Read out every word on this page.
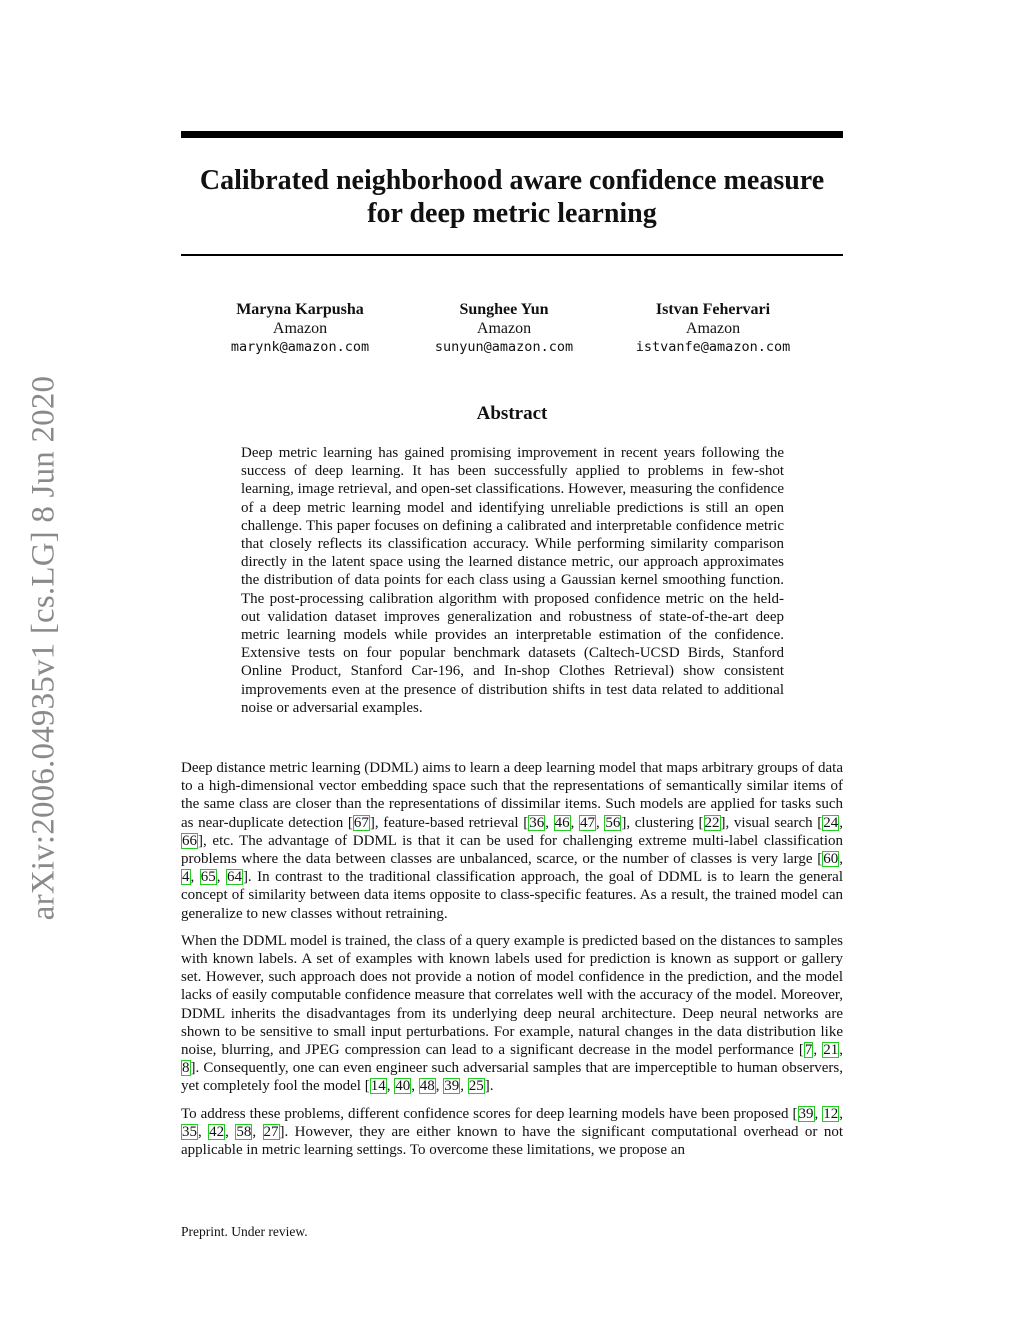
arXiv:2006.04935v1 [cs.LG] 8 Jun 2020
Calibrated neighborhood aware confidence measure
for deep metric learning
Maryna Karpusha
Amazon
marynk@amazon.com
Sunghee Yun
Amazon
sunyun@amazon.com
Istvan Fehervari
Amazon
istvanfe@amazon.com
Abstract

Deep metric learning has gained promising improvement in recent years following the success of deep learning. It has been successfully applied to problems in few-shot learning, image retrieval, and open-set classifications. However, measuring the confidence of a deep metric learning model and identifying unreliable predictions is still an open challenge. This paper focuses on defining a calibrated and interpretable confidence metric that closely reflects its classification accuracy. While performing similarity comparison directly in the latent space using the learned distance metric, our approach approximates the distribution of data points for each class using a Gaussian kernel smoothing function. The post-processing calibration algorithm with proposed confidence metric on the held-out validation dataset improves generalization and robustness of state-of-the-art deep metric learning models while provides an interpretable estimation of the confidence. Extensive tests on four popular benchmark datasets (Caltech-UCSD Birds, Stanford Online Product, Stanford Car-196, and In-shop Clothes Retrieval) show consistent improvements even at the presence of distribution shifts in test data related to additional noise or adversarial examples.

Deep distance metric learning (DDML) aims to learn a deep learning model that maps arbitrary groups of data to a high-dimensional vector embedding space such that the representations of semantically similar items of the same class are closer than the representations of dissimilar items. Such models are applied for tasks such as near-duplicate detection [67], feature-based retrieval [36, 46, 47, 56], clustering [22], visual search [24, 66], etc. The advantage of DDML is that it can be used for challenging extreme multi-label classification problems where the data between classes are unbalanced, scarce, or the number of classes is very large [60, 4, 65, 64]. In contrast to the traditional classification approach, the goal of DDML is to learn the general concept of similarity between data items opposite to class-specific features. As a result, the trained model can generalize to new classes without retraining.

When the DDML model is trained, the class of a query example is predicted based on the distances to samples with known labels. A set of examples with known labels used for prediction is known as support or gallery set. However, such approach does not provide a notion of model confidence in the prediction, and the model lacks of easily computable confidence measure that correlates well with the accuracy of the model. Moreover, DDML inherits the disadvantages from its underlying deep neural architecture. Deep neural networks are shown to be sensitive to small input perturbations. For example, natural changes in the data distribution like noise, blurring, and JPEG compression can lead to a significant decrease in the model performance [7, 21, 8]. Consequently, one can even engineer such adversarial samples that are imperceptible to human observers, yet completely fool the model [14, 40, 48, 39, 25].

To address these problems, different confidence scores for deep learning models have been proposed [39, 12, 35, 42, 58, 27]. However, they are either known to have the significant computational overhead or not applicable in metric learning settings. To overcome these limitations, we propose an

Preprint. Under review.
